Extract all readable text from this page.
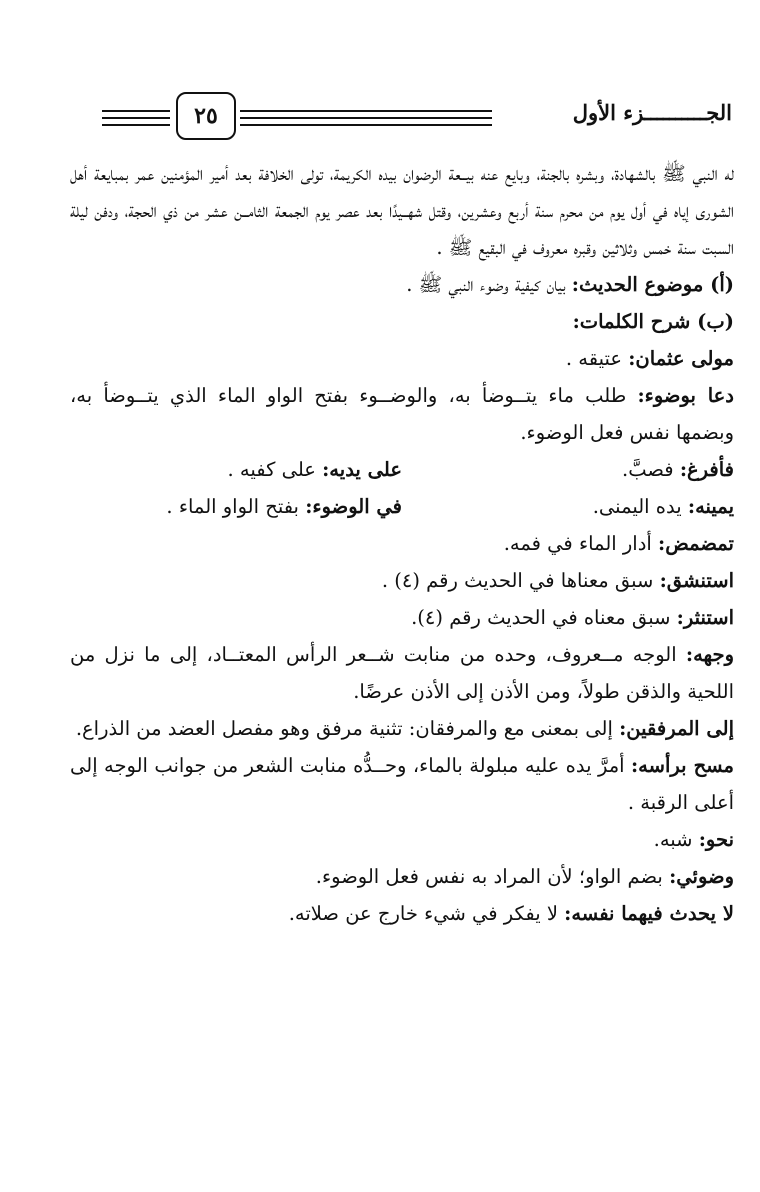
٢٥	الجــــــــــزء الأول

له النبي ﷺ بالشهادة، وبشره بالجنة، وبايع عنه بيــعة الرضوان بيده الكريمة، تولى الخلافة بعد أمير المؤمنين عمر بمبايعة أهل الشورى إياه في أول يوم من محرم سنة أربع وعشرين، وقتل شهــيدًا بعد عصر يوم الجمعة الثامــن عشر من ذي الحجة، ودفن ليلة السبت سنة خمس وثلاثين وقبره معروف في البقيع ﷺ .

(أ) موضوع الحديث: بيان كيفية وضوء النبي ﷺ .

(ب) شرح الكلمات:

مولى عثمان: عتيقه .

دعا بوضوء: طلب ماء يتــوضأ به، والوضــوء بفتح الواو الماء الذي يتــوضأ به، وبضمها نفس فعل الوضوء.

فأفرغ: فصبَّ.
على يديه: على كفيه .

يمينه: يده اليمنى.
في الوضوء: بفتح الواو الماء .

تمضمض: أدار الماء في فمه.

استنشق: سبق معناها في الحديث رقم (٤) .

استنثر: سبق معناه في الحديث رقم (٤).

وجهه: الوجه مــعروف، وحده من منابت شــعر الرأس المعتــاد، إلى ما نزل من اللحية والذقن طولاً، ومن الأذن إلى الأذن عرضًا.

إلى المرفقين: إلى بمعنى مع والمرفقان: تثنية مرفق وهو مفصل العضد من الذراع.

مسح برأسه: أمرَّ يده عليه مبلولة بالماء، وحــدُّه منابت الشعر من جوانب الوجه إلى أعلى الرقبة .

نحو: شبه.

وضوئي: بضم الواو؛ لأن المراد به نفس فعل الوضوء.

لا يحدث فيهما نفسه: لا يفكر في شيء خارج عن صلاته.
